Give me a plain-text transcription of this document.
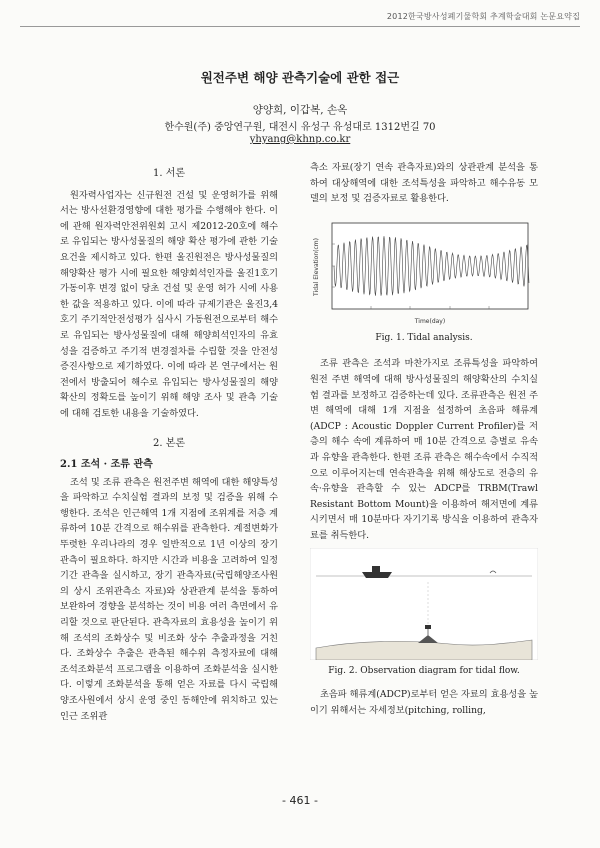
2012한국방사성폐기물학회 추계학술대회 논문요약집
원전주변 해양 관측기술에 관한 접근
양양희, 이갑복, 손옥
한수원(주) 중앙연구원, 대전시 유성구 유성대로 1312번길 70
yhyang@khnp.co.kr
1. 서론

원자력사업자는 신규원전 건설 및 운영허가를 위해서는 방사선환경영향에 대한 평가를 수행해야 한다. 이에 관해 원자력안전위원회 고시 제2012-20호에 해수로 유입되는 방사성물질의 해양 확산 평가에 관한 기술요건을 제시하고 있다. 한편 울진원전은 방사성물질의 해양확산 평가 시에 필요한 해양회석인자를 울진1호기 가동이후 변경 없이 당초 건설 및 운영 허가 시에 사용한 값을 적용하고 있다. 이에 따라 규제기관은 울진3,4호기 주기적안전성평가 심사시 가동원전으로부터 해수로 유입되는 방사성물질에 대해 해양희석인자의 유효성을 검증하고 주기적 변경절차를 수립할 것을 안전성 증진사항으로 제기하였다. 이에 따라 본 연구에서는 원전에서 방출되어 해수로 유입되는 방사성물질의 해양확산의 정확도를 높이기 위해 해양 조사 및 관측 기술에 대해 검토한 내용을 기술하였다.

2. 본론
2.1 조석 · 조류 관측

조석 및 조류 관측은 원전주변 해역에 대한 해양특성을 파악하고 수치실험 결과의 보정 및 검증을 위해 수행한다. 조석은 인근해역 1개 지점에 조위계를 저층 계류하여 10분 간격으로 해수위를 관측한다. 계절변화가 뚜렷한 우리나라의 경우 일반적으로 1년 이상의 장기관측이 필요하다. 하지만 시간과 비용을 고려하여 일정기간 관측을 실시하고, 장기 관측자료(국립해양조사원의 상시 조위관측소 자료)와 상관관계 분석을 통하여 보완하여 경향을 분석하는 것이 비용 여러 측면에서 유리할 것으로 판단된다. 관측자료의 효용성을 높이기 위해 조석의 조화상수 및 비조화 상수 추출과정을 거친다. 조화상수 추출은 관측된 해수위 측정자료에 대해 조석조화분석 프로그램을 이용하여 조화분석을 실시한다. 이렇게 조화분석을 통해 얻은 자료를 다시 국립해양조사원에서 상시 운영 중인 동해안에 위치하고 있는 인근 조위관

측소 자료(장기 연속 관측자료)와의 상관관계 분석을 통하여 대상해역에 대한 조석특성을 파악하고 해수유동 모델의 보정 및 검증자료로 활용한다.

Time(day)
Tidal Elevation(cm)
Fig. 1. Tidal analysis.

조류 관측은 조석과 마찬가지로 조류특성을 파악하여 원전 주변 해역에 대해 방사성물질의 해양확산의 수치실험 결과를 보정하고 검증하는데 있다. 조류관측은 원전 주변 해역에 대해 1개 지점을 설정하여 초음파 해류계(ADCP : Acoustic Doppler Current Profiler)를 저층의 해수 속에 계류하여 매 10분 간격으로 층별로 유속과 유향을 관측한다. 한편 조류 관측은 해수속에서 수직적으로 이루어지는데 연속관측을 위해 해상도로 전층의 유속·유향을 관측할 수 있는 ADCP를 TRBM(Trawl Resistant Bottom Mount)을 이용하여 해저면에 계류시키면서 매 10분마다 자기기록 방식을 이용하여 관측자료를 취득한다.

Fig. 2. Observation diagram for tidal flow.

초음파 해류계(ADCP)로부터 얻은 자료의 효용성을 높이기 위해서는 자세정보(pitching, rolling,

- 461 -
